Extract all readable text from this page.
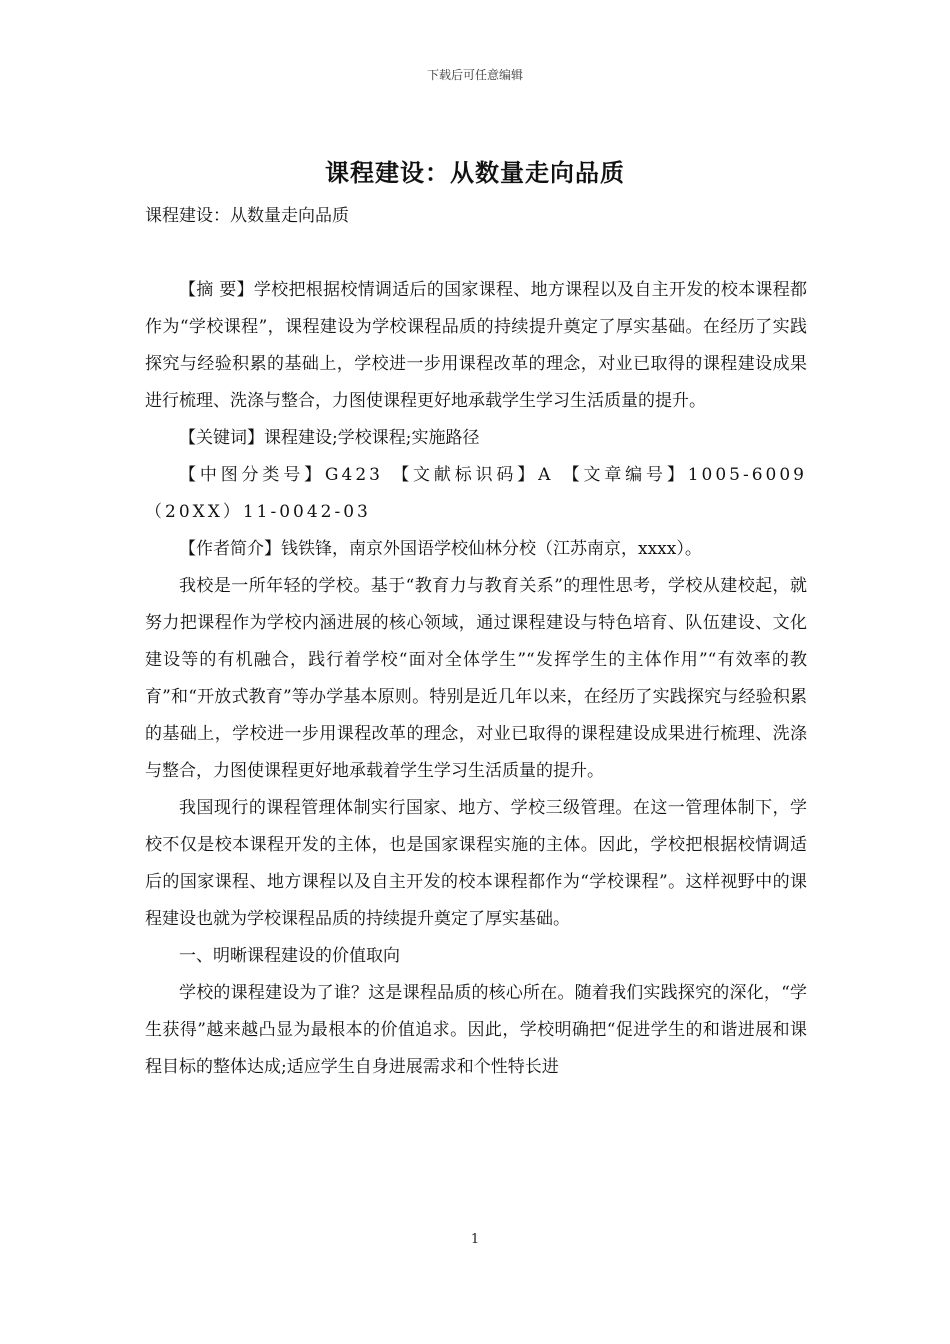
下载后可任意编辑
课程建设：从数量走向品质

课程建设：从数量走向品质

【摘 要】学校把根据校情调适后的国家课程、地方课程以及自主开发的校本课程都作为“学校课程”，课程建设为学校课程品质的持续提升奠定了厚实基础。在经历了实践探究与经验积累的基础上，学校进一步用课程改革的理念，对业已取得的课程建设成果进行梳理、洗涤与整合，力图使课程更好地承载学生学习生活质量的提升。

【关键词】课程建设;学校课程;实施路径

【中图分类号】G423 【文献标识码】A 【文章编号】1005-6009（20XX）11-0042-03

【作者简介】钱铁锋，南京外国语学校仙林分校（江苏南京，xxxx）。

我校是一所年轻的学校。基于“教育力与教育关系”的理性思考，学校从建校起，就努力把课程作为学校内涵进展的核心领域，通过课程建设与特色培育、队伍建设、文化建设等的有机融合，践行着学校“面对全体学生”“发挥学生的主体作用”“有效率的教育”和“开放式教育”等办学基本原则。特别是近几年以来，在经历了实践探究与经验积累的基础上，学校进一步用课程改革的理念，对业已取得的课程建设成果进行梳理、洗涤与整合，力图使课程更好地承载着学生学习生活质量的提升。

我国现行的课程管理体制实行国家、地方、学校三级管理。在这一管理体制下，学校不仅是校本课程开发的主体，也是国家课程实施的主体。因此，学校把根据校情调适后的国家课程、地方课程以及自主开发的校本课程都作为“学校课程”。这样视野中的课程建设也就为学校课程品质的持续提升奠定了厚实基础。

一、明晰课程建设的价值取向

学校的课程建设为了谁？这是课程品质的核心所在。随着我们实践探究的深化，“学生获得”越来越凸显为最根本的价值追求。因此，学校明确把“促进学生的和谐进展和课程目标的整体达成;适应学生自身进展需求和个性特长进

1
